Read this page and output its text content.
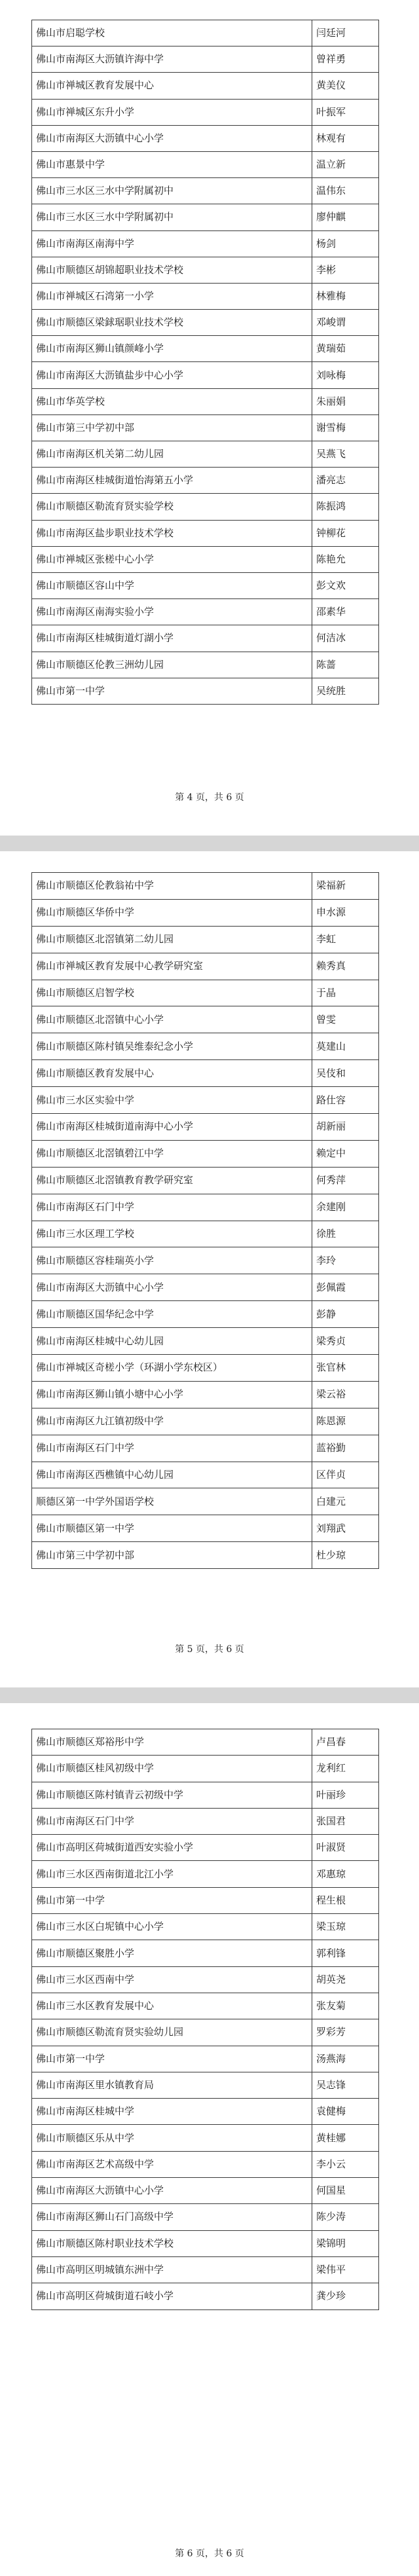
佛山市启聪学校	闫廷河
佛山市南海区大沥镇许海中学	曾祥勇
佛山市禅城区教育发展中心	黄美仪
佛山市禅城区东升小学	叶振军
佛山市南海区大沥镇中心小学	林观有
佛山市惠景中学	温立新
佛山市三水区三水中学附属初中	温伟东
佛山市三水区三水中学附属初中	廖仲麒
佛山市南海区南海中学	杨剑
佛山市顺德区胡锦超职业技术学校	李彬
佛山市禅城区石湾第一小学	林雅梅
佛山市顺德区梁銶琚职业技术学校	邓峻谓
佛山市南海区狮山镇颜峰小学	黄瑞茹
佛山市南海区大沥镇盐步中心小学	刘咏梅
佛山市华英学校	朱丽娟
佛山市第三中学初中部	谢雪梅
佛山市南海区机关第二幼儿园	吴燕飞
佛山市南海区桂城街道怡海第五小学	潘亮志
佛山市顺德区勒流育贤实验学校	陈振鸿
佛山市南海区盐步职业技术学校	钟柳花
佛山市禅城区张槎中心小学	陈艳允
佛山市顺德区容山中学	彭文欢
佛山市南海区南海实验小学	邵素华
佛山市南海区桂城街道灯湖小学	何洁冰
佛山市顺德区伦教三洲幼儿园	陈蔷
佛山市第一中学	吴统胜
第 4 页，共 6 页
佛山市顺德区伦教翁祐中学	梁福新
佛山市顺德区华侨中学	申水源
佛山市顺德区北滘镇第二幼儿园	李虹
佛山市禅城区教育发展中心教学研究室	赖秀真
佛山市顺德区启智学校	于晶
佛山市顺德区北滘镇中心小学	曾雯
佛山市顺德区陈村镇吴维泰纪念小学	莫建山
佛山市顺德区教育发展中心	吴伎和
佛山市三水区实验中学	路仕容
佛山市南海区桂城街道南海中心小学	胡新丽
佛山市顺德区北滘镇碧江中学	赖定中
佛山市顺德区北滘镇教育教学研究室	何秀萍
佛山市南海区石门中学	余建刚
佛山市三水区理工学校	徐胜
佛山市顺德区容桂瑞英小学	李玲
佛山市南海区大沥镇中心小学	彭佩霞
佛山市顺德区国华纪念中学	彭静
佛山市南海区桂城中心幼儿园	梁秀贞
佛山市禅城区奇槎小学（环湖小学东校区）	张官林
佛山市南海区狮山镇小塘中心小学	梁云裕
佛山市南海区九江镇初级中学	陈恩源
佛山市南海区石门中学	蓝裕勤
佛山市南海区西樵镇中心幼儿园	区伴贞
顺德区第一中学外国语学校	白建元
佛山市顺德区第一中学	刘翔武
佛山市第三中学初中部	杜少琼
第 5 页，共 6 页
佛山市顺德区郑裕彤中学	卢昌春
佛山市顺德区桂风初级中学	龙利红
佛山市顺德区陈村镇青云初级中学	叶丽珍
佛山市南海区石门中学	张国君
佛山市高明区荷城街道西安实验小学	叶淑贤
佛山市三水区西南街道北江小学	邓惠琼
佛山市第一中学	程生根
佛山市三水区白坭镇中心小学	梁玉琼
佛山市顺德区聚胜小学	郭利锋
佛山市三水区西南中学	胡英尧
佛山市三水区教育发展中心	张友菊
佛山市顺德区勒流育贤实验幼儿园	罗彩芳
佛山市第一中学	汤燕海
佛山市南海区里水镇教育局	吴志锋
佛山市南海区桂城中学	袁健梅
佛山市顺德区乐从中学	黄桂娜
佛山市南海区艺术高级中学	李小云
佛山市南海区大沥镇中心小学	何国星
佛山市南海区狮山石门高级中学	陈少涛
佛山市顺德区陈村职业技术学校	梁锦明
佛山市高明区明城镇东洲中学	梁伟平
佛山市高明区荷城街道石岐小学	龚少珍
第 6 页，共 6 页
